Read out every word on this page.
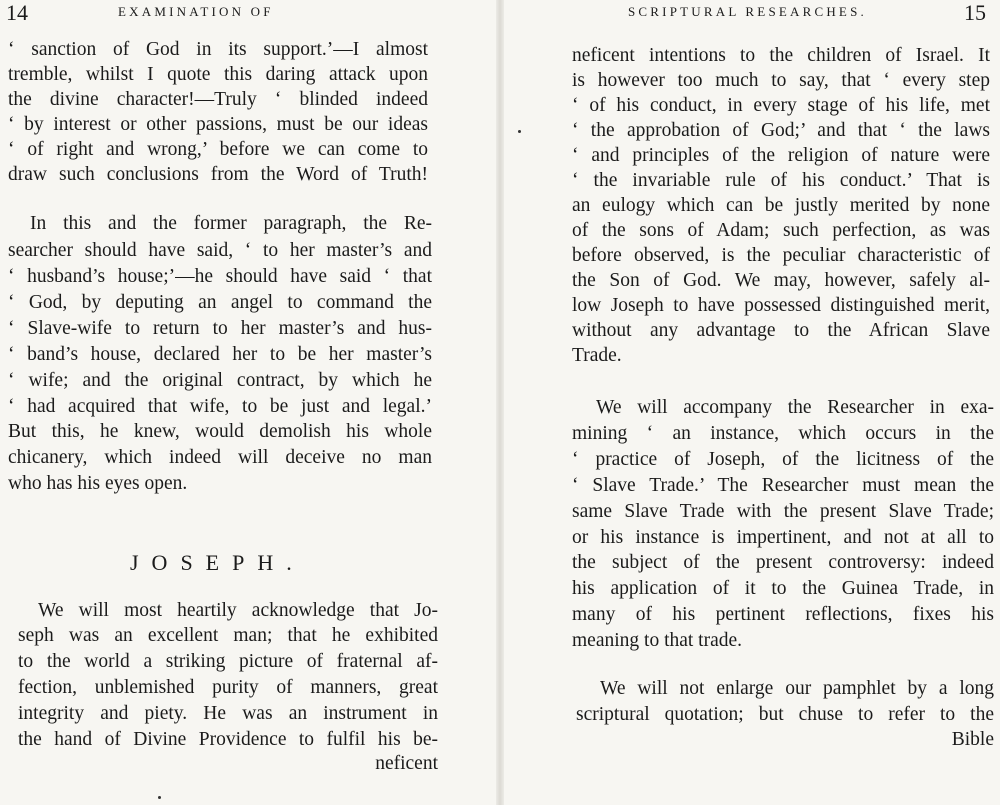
14	EXAMINATION OF
‘ sanction of God in its support.’—I almost
tremble, whilst I quote this daring attack upon
the divine character!—Truly ‘ blinded indeed
‘ by interest or other passions, must be our ideas
‘ of right and wrong,’ before we can come to
draw such conclusions from the Word of Truth!
In this and the former paragraph, the Re-
searcher should have said, ‘ to her master’s and
‘ husband’s house;’—he should have said ‘ that
‘ God, by deputing an angel to command the
‘ Slave-wife to return to her master’s and hus-
‘ band’s house, declared her to be her master’s
‘ wife; and the original contract, by which he
‘ had acquired that wife, to be just and legal.’
But this, he knew, would demolish his whole
chicanery, which indeed will deceive no man
who has his eyes open.
JOSEPH.
We will most heartily acknowledge that Jo-
seph was an excellent man; that he exhibited
to the world a striking picture of fraternal af-
fection, unblemished purity of manners, great
integrity and piety. He was an instrument in
the hand of Divine Providence to fulfil his be-
neficent
SCRIPTURAL RESEARCHES.	15
neficent intentions to the children of Israel. It
is however too much to say, that ‘ every step
‘ of his conduct, in every stage of his life, met
‘ the approbation of God;’ and that ‘ the laws
‘ and principles of the religion of nature were
‘ the invariable rule of his conduct.’ That is
an eulogy which can be justly merited by none
of the sons of Adam; such perfection, as was
before observed, is the peculiar characteristic of
the Son of God. We may, however, safely al-
low Joseph to have possessed distinguished merit,
without any advantage to the African Slave
Trade.
We will accompany the Researcher in exa-
mining ‘ an instance, which occurs in the
‘ practice of Joseph, of the licitness of the
‘ Slave Trade.’ The Researcher must mean the
same Slave Trade with the present Slave Trade;
or his instance is impertinent, and not at all to
the subject of the present controversy: indeed
his application of it to the Guinea Trade, in
many of his pertinent reflections, fixes his
meaning to that trade.
We will not enlarge our pamphlet by a long
scriptural quotation; but chuse to refer to the
Bible
